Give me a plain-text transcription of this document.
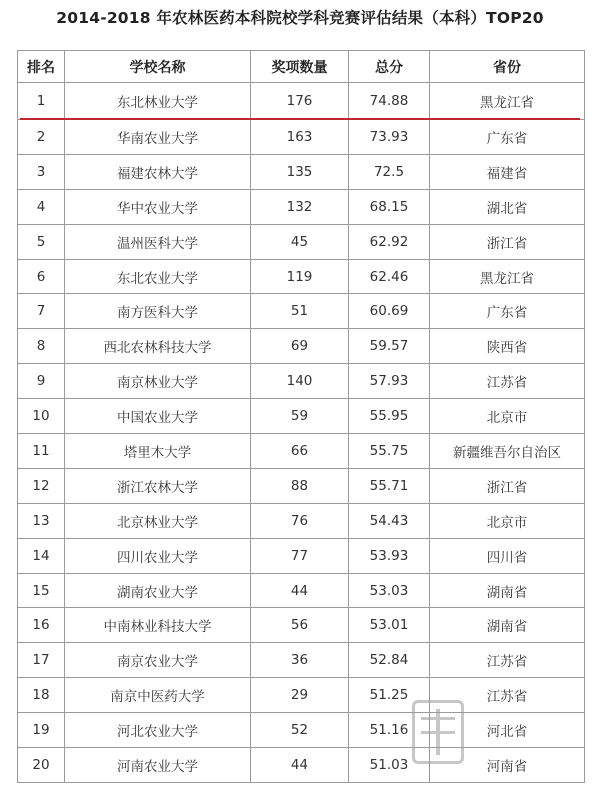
2014-2018 年农林医药本科院校学科竞赛评估结果（本科）TOP20
排名	学校名称	奖项数量	总分	省份
1	东北林业大学	176	74.88	黑龙江省
2	华南农业大学	163	73.93	广东省
3	福建农林大学	135	72.5	福建省
4	华中农业大学	132	68.15	湖北省
5	温州医科大学	45	62.92	浙江省
6	东北农业大学	119	62.46	黑龙江省
7	南方医科大学	51	60.69	广东省
8	西北农林科技大学	69	59.57	陕西省
9	南京林业大学	140	57.93	江苏省
10	中国农业大学	59	55.95	北京市
11	塔里木大学	66	55.75	新疆维吾尔自治区
12	浙江农林大学	88	55.71	浙江省
13	北京林业大学	76	54.43	北京市
14	四川农业大学	77	53.93	四川省
15	湖南农业大学	44	53.03	湖南省
16	中南林业科技大学	56	53.01	湖南省
17	南京农业大学	36	52.84	江苏省
18	南京中医药大学	29	51.25	江苏省
19	河北农业大学	52	51.16	河北省
20	河南农业大学	44	51.03	河南省
